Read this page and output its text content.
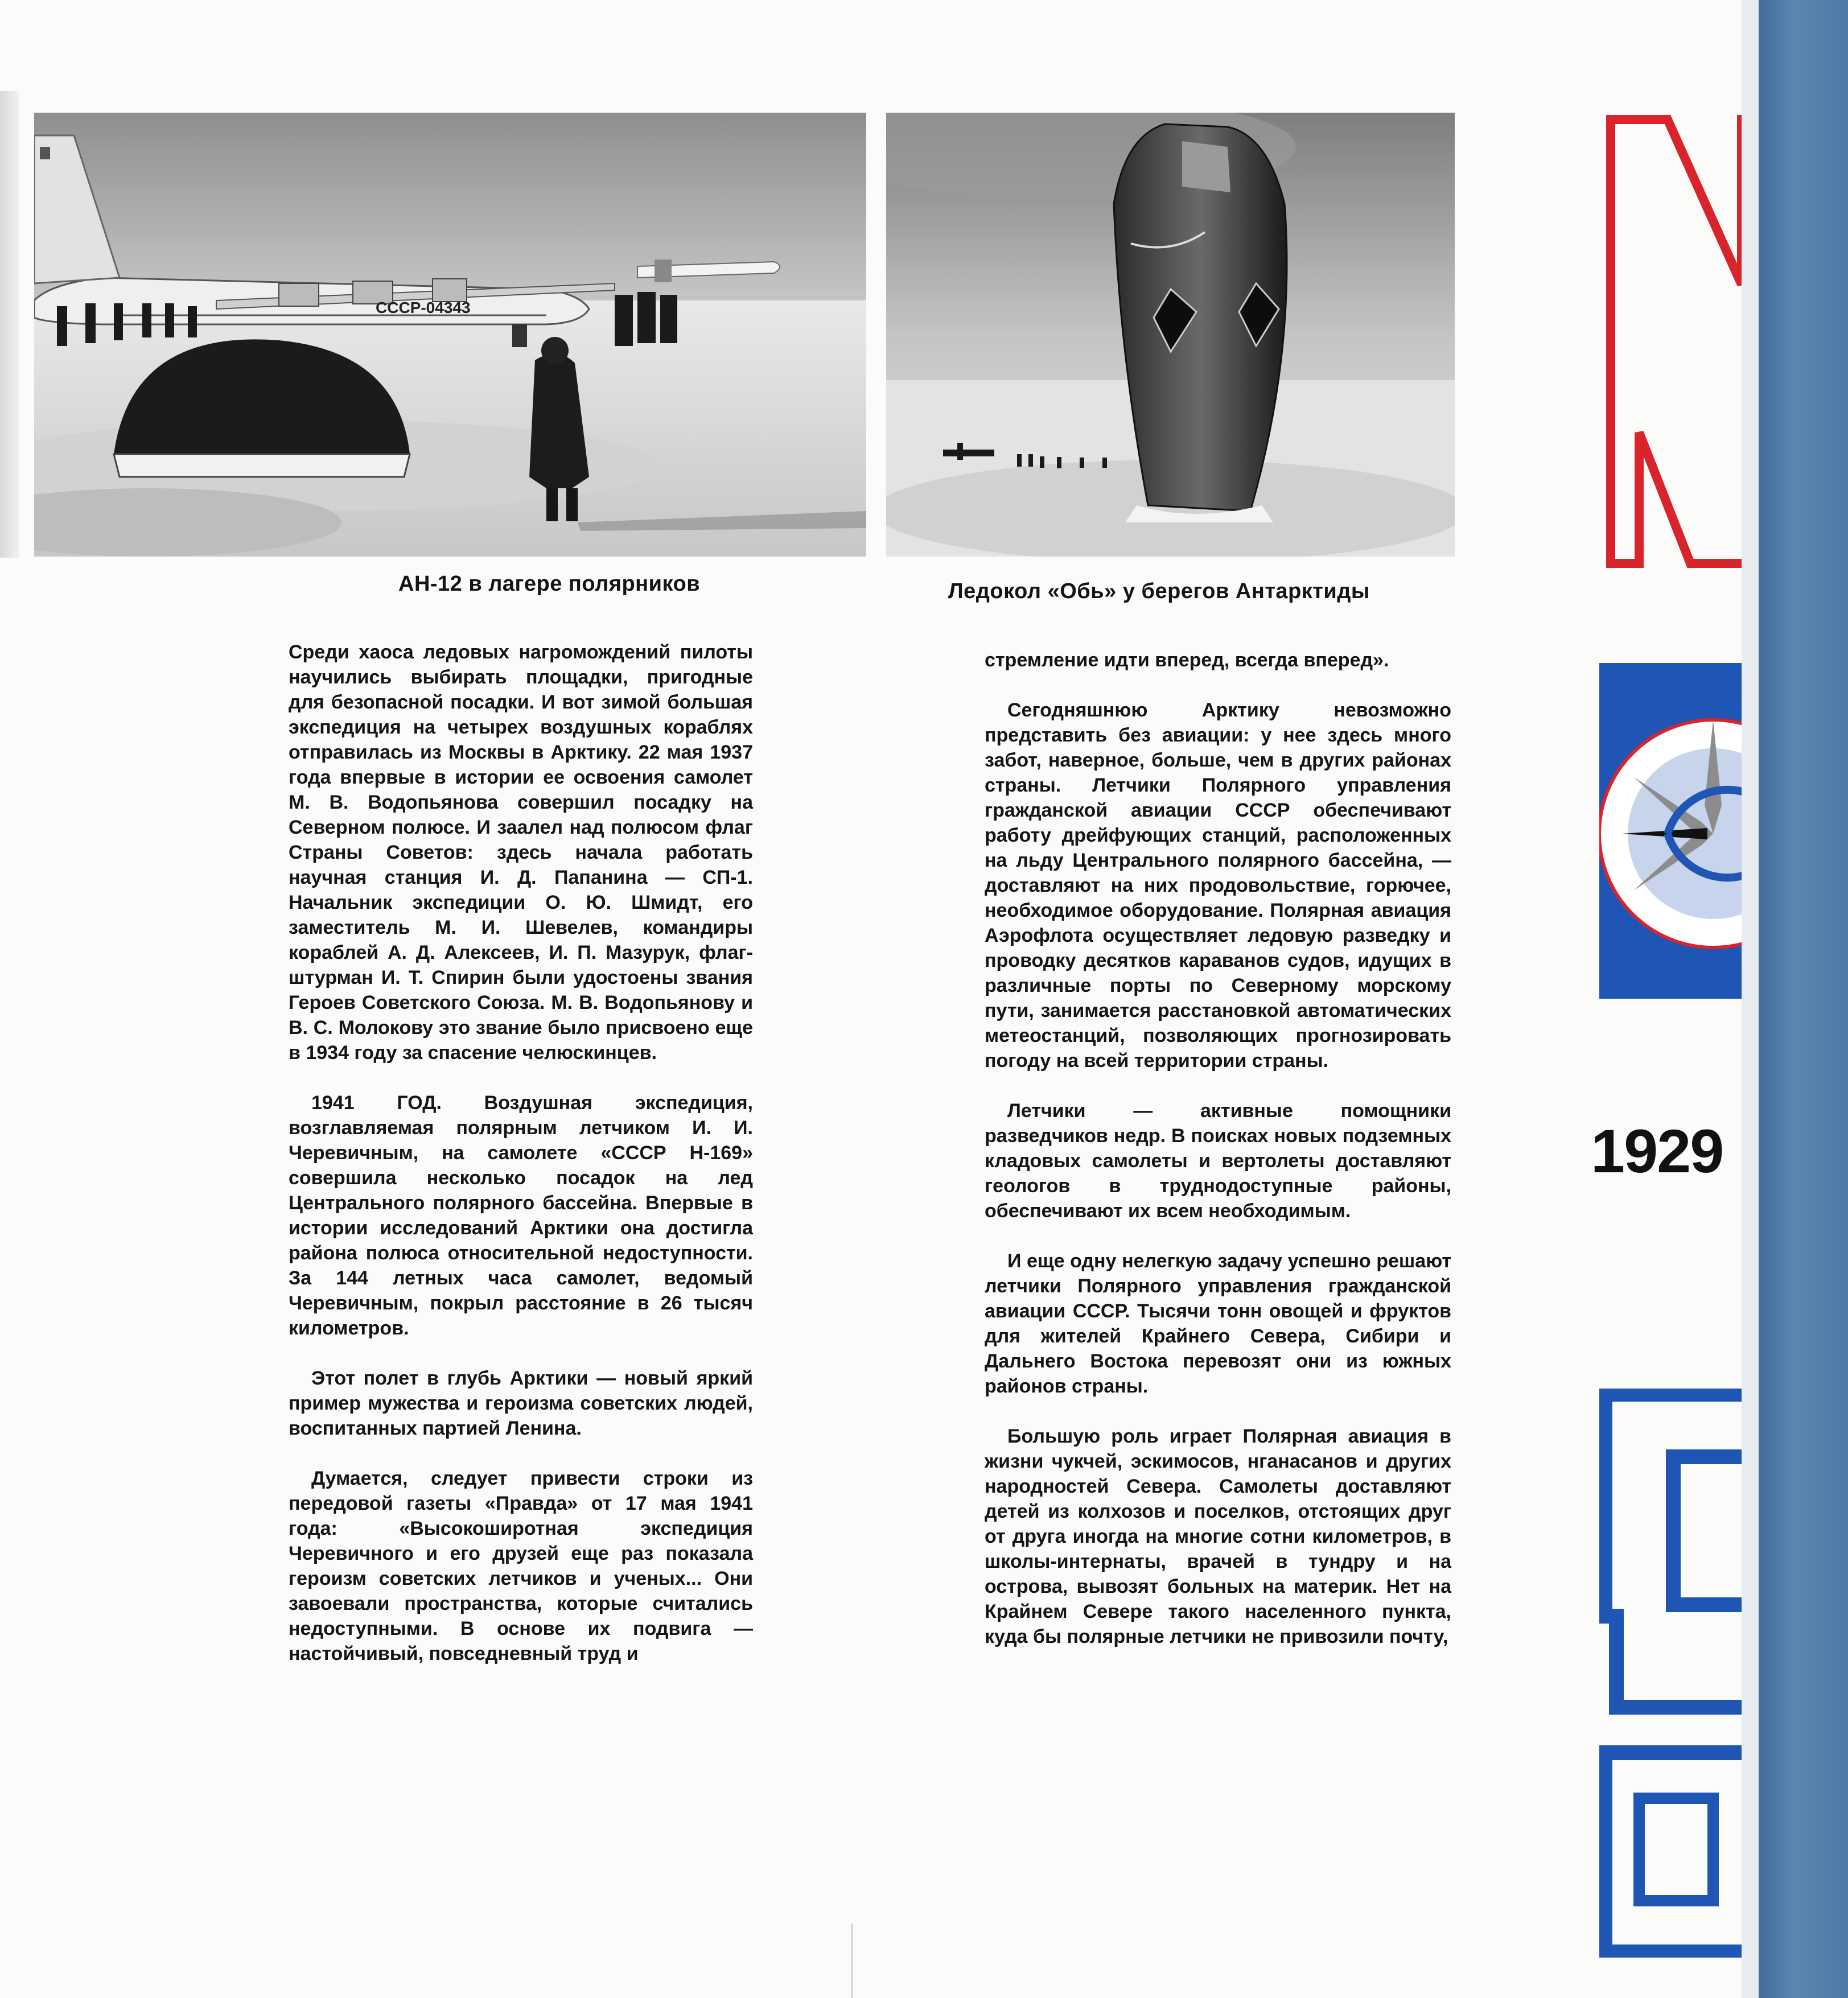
СССР-04343
АН-12 в лагере полярников	Ледокол «Обь» у берегов Антарктиды

Среди хаоса ледовых нагромождений пилоты научились выбирать площадки, пригодные для безопасной посадки. И вот зимой большая экспедиция на четырех воздушных кораблях отправилась из Москвы в Арктику. 22 мая 1937 года впервые в истории ее освоения самолет М. В. Водопьянова совершил посадку на Северном полюсе. И заалел над полюсом флаг Страны Советов: здесь начала работать научная станция И. Д. Папанина — СП-1. Начальник экспедиции О. Ю. Шмидт, его заместитель М. И. Шевелев, командиры кораблей А. Д. Алексеев, И. П. Мазурук, флаг-штурман И. Т. Спирин были удостоены звания Героев Советского Союза. М. В. Водопьянову и В. С. Молокову это звание было присвоено еще в 1934 году за спасение челюскинцев.

1941 ГОД. Воздушная экспедиция, возглавляемая полярным летчиком И. И. Черевичным, на самолете «СССР Н-169» совершила несколько посадок на лед Центрального полярного бассейна. Впервые в истории исследований Арктики она достигла района полюса относительной недоступности. За 144 летных часа самолет, ведомый Черевичным, покрыл расстояние в 26 тысяч километров.

Этот полет в глубь Арктики — новый яркий пример мужества и героизма советских людей, воспитанных партией Ленина.

Думается, следует привести строки из передовой газеты «Правда» от 17 мая 1941 года: «Высокоширотная экспедиция Черевичного и его друзей еще раз показала героизм советских летчиков и ученых... Они завоевали пространства, которые считались недоступными. В основе их подвига — настойчивый, повседневный труд и

стремление идти вперед, всегда вперед».

Сегодняшнюю Арктику невозможно представить без авиации: у нее здесь много забот, наверное, больше, чем в других районах страны. Летчики Полярного управления гражданской авиации СССР обеспечивают работу дрейфующих станций, расположенных на льду Центрального полярного бассейна, — доставляют на них продовольствие, горючее, необходимое оборудование. Полярная авиация Аэрофлота осуществляет ледовую разведку и проводку десятков караванов судов, идущих в различные порты по Северному морскому пути, занимается расстановкой автоматических метеостанций, позволяющих прогнозировать погоду на всей территории страны.

Летчики — активные помощники разведчиков недр. В поисках новых подземных кладовых самолеты и вертолеты доставляют геологов в труднодоступные районы, обеспечивают их всем необходимым.

И еще одну нелегкую задачу успешно решают летчики Полярного управления гражданской авиации СССР. Тысячи тонн овощей и фруктов для жителей Крайнего Севера, Сибири и Дальнего Востока перевозят они из южных районов страны.

Большую роль играет Полярная авиация в жизни чукчей, эскимосов, нганасанов и других народностей Севера. Самолеты доставляют детей из колхозов и поселков, отстоящих друг от друга иногда на многие сотни километров, в школы-интернаты, врачей в тундру и на острова, вывозят больных на материк. Нет на Крайнем Севере такого населенного пункта, куда бы полярные летчики не привозили почту,

1929
